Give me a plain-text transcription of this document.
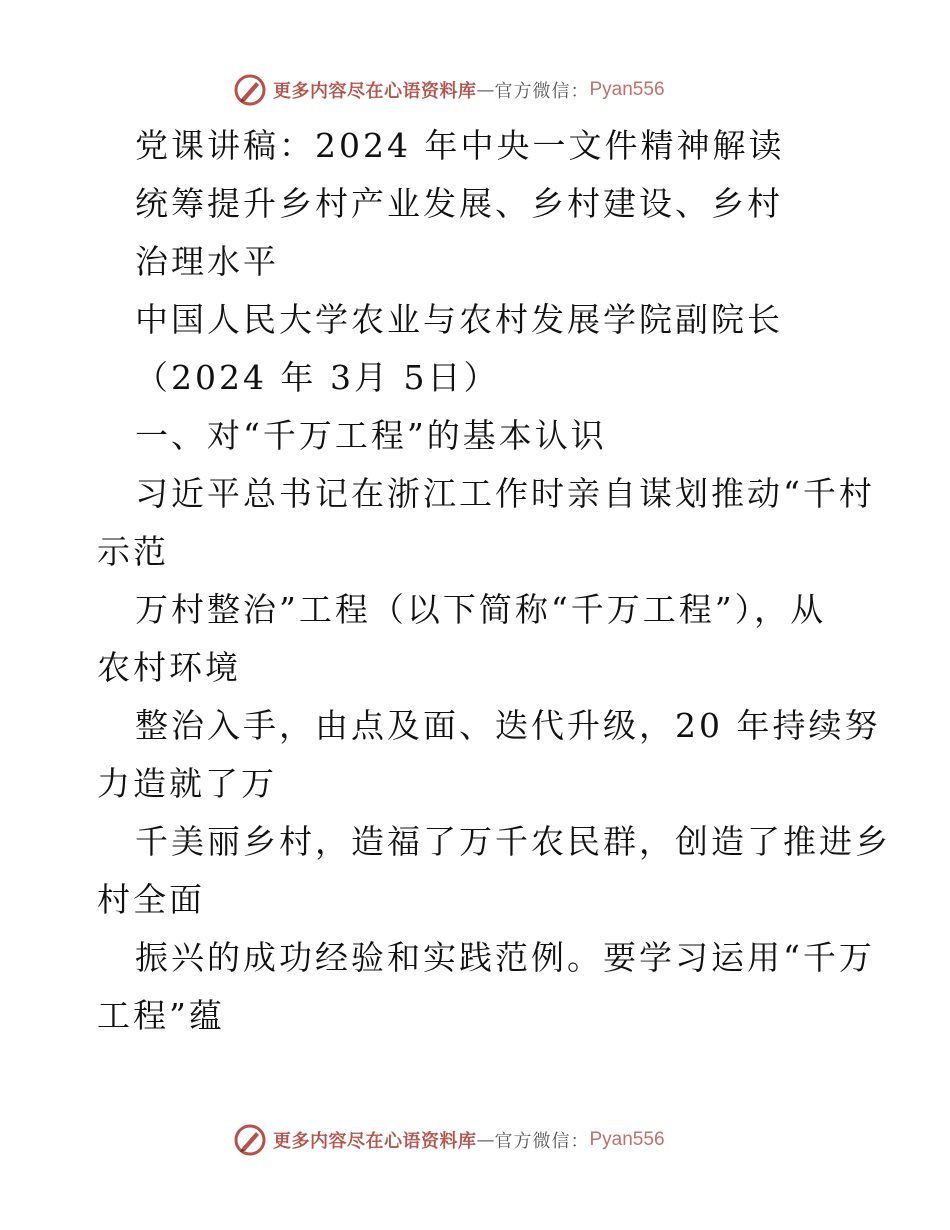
更多内容尽在心语资料库 — 官方微信： Pyan556
党课讲稿：2024 年中央一文件精神解读
统筹提升乡村产业发展、乡村建设、乡村
治理水平
中国人民大学农业与农村发展学院副院长
（2024 年 3月 5日）
一、对“千万工程”的基本认识
习近平总书记在浙江工作时亲自谋划推动“千村
示范
万村整治”工程（以下简称“千万工程”），从
农村环境
整治入手，由点及面、迭代升级，20 年持续努
力造就了万
千美丽乡村，造福了万千农民群，创造了推进乡
村全面
振兴的成功经验和实践范例。要学习运用“千万
工程”蕴
更多内容尽在心语资料库 — 官方微信： Pyan556
